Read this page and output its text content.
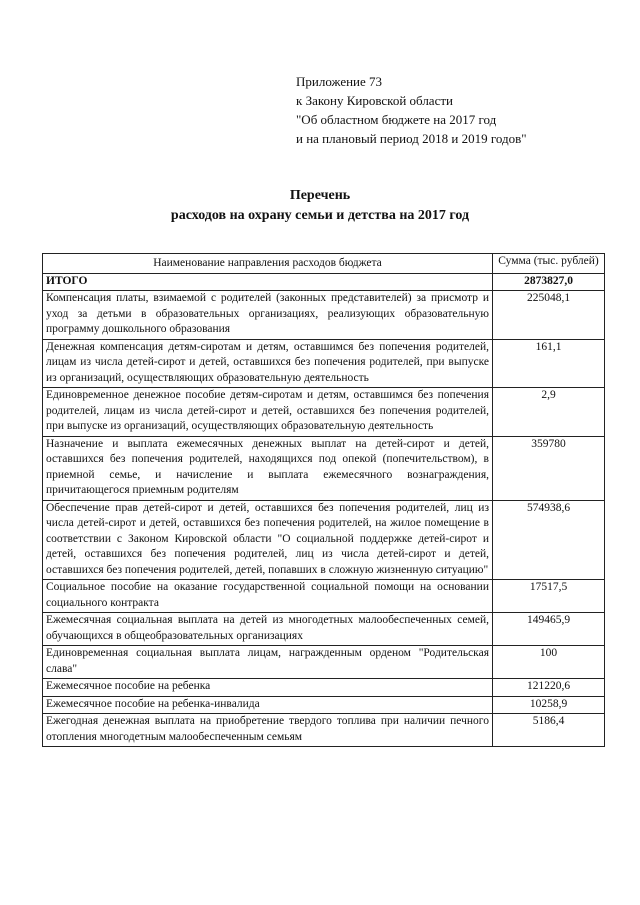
Приложение 73
к Закону Кировской области
"Об областном бюджете на 2017 год
и на плановый период 2018 и 2019 годов"
Перечень
расходов на охрану семьи и детства на 2017 год
Наименование направления расходов бюджета	Сумма (тыс. рублей)
ИТОГО	2873827,0
Компенсация платы, взимаемой с родителей (законных представителей) за присмотр и уход за детьми в образовательных организациях, реализующих образовательную программу дошкольного образования	225048,1
Денежная компенсация детям-сиротам и детям, оставшимся без попечения родителей, лицам из числа детей-сирот и детей, оставшихся без попечения родителей, при выпуске из организаций, осуществляющих образовательную деятельность	161,1
Единовременное денежное пособие детям-сиротам и детям, оставшимся без попечения родителей, лицам из числа детей-сирот и детей, оставшихся без попечения родителей, при выпуске из организаций, осуществляющих образовательную деятельность	2,9
Назначение и выплата ежемесячных денежных выплат на детей-сирот и детей, оставшихся без попечения родителей, находящихся под опекой (попечительством), в приемной семье, и начисление и выплата ежемесячного вознаграждения, причитающегося приемным родителям	359780
Обеспечение прав детей-сирот и детей, оставшихся без попечения родителей, лиц из числа детей-сирот и детей, оставшихся без попечения родителей, на жилое помещение в соответствии с Законом Кировской области "О социальной поддержке детей-сирот и детей, оставшихся без попечения родителей, лиц из числа детей-сирот и детей, оставшихся без попечения родителей, детей, попавших в сложную жизненную ситуацию"	574938,6
Социальное пособие на оказание государственной социальной помощи на основании социального контракта	17517,5
Ежемесячная социальная выплата на детей из многодетных малообеспеченных семей, обучающихся в общеобразовательных организациях	149465,9
Единовременная социальная выплата лицам, награжденным орденом "Родительская слава"	100
Ежемесячное пособие на ребенка	121220,6
Ежемесячное пособие на ребенка-инвалида	10258,9
Ежегодная денежная выплата на приобретение твердого топлива при наличии печного отопления многодетным малообеспеченным семьям	5186,4
